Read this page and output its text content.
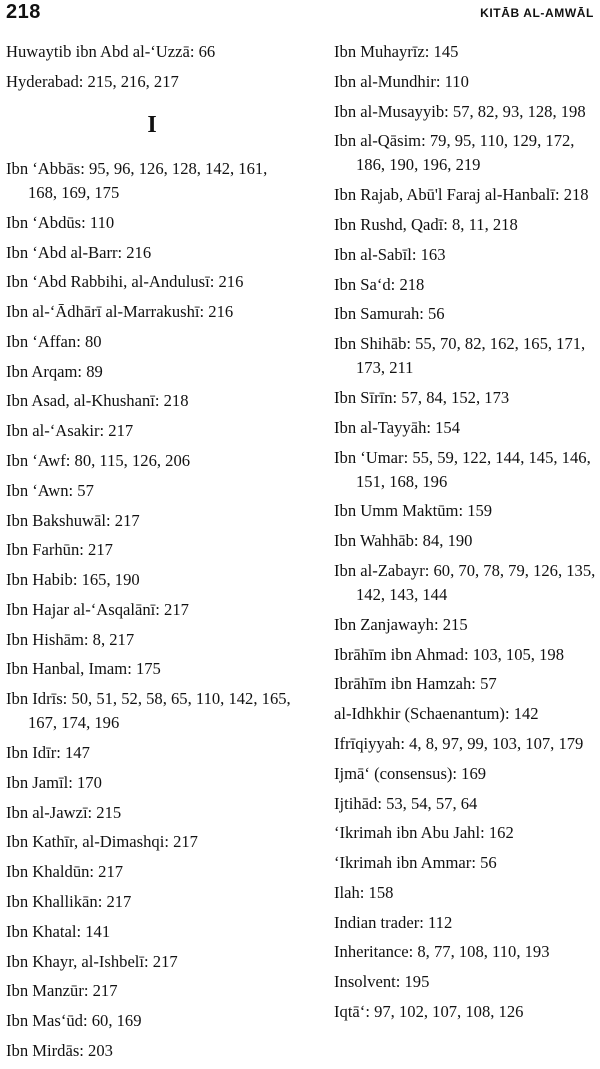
218	KITĀB AL-AMWĀL
Huwaytib ibn Abd al-‘Uzzā: 66
Hyderabad: 215, 216, 217
I
Ibn ‘Abbās: 95, 96, 126, 128, 142, 161, 168, 169, 175
Ibn ‘Abdūs: 110
Ibn ‘Abd al-Barr: 216
Ibn ‘Abd Rabbihi, al-Andulusī: 216
Ibn al-‘Ādhārī al-Marrakushī: 216
Ibn ‘Affan: 80
Ibn Arqam: 89
Ibn Asad, al-Khushanī: 218
Ibn al-‘Asakir: 217
Ibn ‘Awf: 80, 115, 126, 206
Ibn ‘Awn: 57
Ibn Bakshuwāl: 217
Ibn Farhūn: 217
Ibn Habib: 165, 190
Ibn Hajar al-‘Asqalānī: 217
Ibn Hishām: 8, 217
Ibn Hanbal, Imam: 175
Ibn Idrīs: 50, 51, 52, 58, 65, 110, 142, 165, 167, 174, 196
Ibn Idīr: 147
Ibn Jamīl: 170
Ibn al-Jawzī: 215
Ibn Kathīr, al-Dimashqi: 217
Ibn Khaldūn: 217
Ibn Khallikān: 217
Ibn Khatal: 141
Ibn Khayr, al-Ishbelī: 217
Ibn Manzūr: 217
Ibn Mas‘ūd: 60, 169
Ibn Mirdās: 203
Ibn Muhayrīz: 145
Ibn al-Mundhir: 110
Ibn al-Musayyib: 57, 82, 93, 128, 198
Ibn al-Qāsim: 79, 95, 110, 129, 172, 186, 190, 196, 219
Ibn Rajab, Abū'l Faraj al-Hanbalī: 218
Ibn Rushd, Qadī: 8, 11, 218
Ibn al-Sabīl: 163
Ibn Sa‘d: 218
Ibn Samurah: 56
Ibn Shihāb: 55, 70, 82, 162, 165, 171, 173, 211
Ibn Sīrīn: 57, 84, 152, 173
Ibn al-Tayyāh: 154
Ibn ‘Umar: 55, 59, 122, 144, 145, 146, 151, 168, 196
Ibn Umm Maktūm: 159
Ibn Wahhāb: 84, 190
Ibn al-Zabayr: 60, 70, 78, 79, 126, 135, 142, 143, 144
Ibn Zanjawayh: 215
Ibrāhīm ibn Ahmad: 103, 105, 198
Ibrāhīm ibn Hamzah: 57
al-Idhkhir (Schaenantum): 142
Ifrīqiyyah: 4, 8, 97, 99, 103, 107, 179
Ijmā‘ (consensus): 169
Ijtihād: 53, 54, 57, 64
‘Ikrimah ibn Abu Jahl: 162
‘Ikrimah ibn Ammar: 56
Ilah: 158
Indian trader: 112
Inheritance: 8, 77, 108, 110, 193
Insolvent: 195
Iqtā‘: 97, 102, 107, 108, 126
